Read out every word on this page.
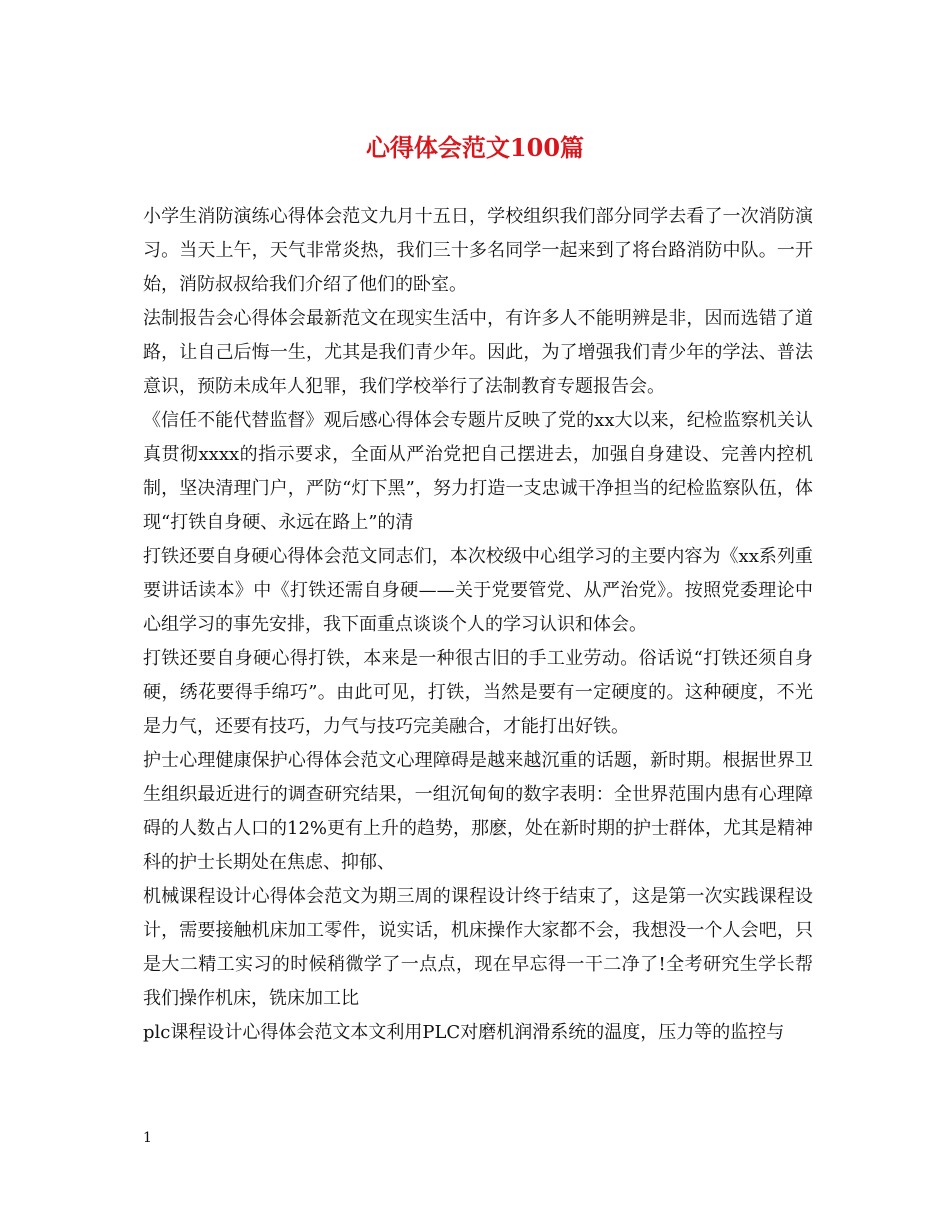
心得体会范文100篇

小学生消防演练心得体会范文九月十五日，学校组织我们部分同学去看了一次消防演习。当天上午，天气非常炎热，我们三十多名同学一起来到了将台路消防中队。一开始，消防叔叔给我们介绍了他们的卧室。

法制报告会心得体会最新范文在现实生活中，有许多人不能明辨是非，因而选错了道路，让自己后悔一生，尤其是我们青少年。因此，为了增强我们青少年的学法、普法意识，预防未成年人犯罪，我们学校举行了法制教育专题报告会。

《信任不能代替监督》观后感心得体会专题片反映了党的xx大以来，纪检监察机关认真贯彻xxxx的指示要求，全面从严治党把自己摆进去，加强自身建设、完善内控机制，坚决清理门户，严防“灯下黑”，努力打造一支忠诚干净担当的纪检监察队伍，体现“打铁自身硬、永远在路上”的清

打铁还要自身硬心得体会范文同志们，本次校级中心组学习的主要内容为《xx系列重要讲话读本》中《打铁还需自身硬——关于党要管党、从严治党》。按照党委理论中心组学习的事先安排，我下面重点谈谈个人的学习认识和体会。

打铁还要自身硬心得打铁，本来是一种很古旧的手工业劳动。俗话说“打铁还须自身硬，绣花要得手绵巧”。由此可见，打铁，当然是要有一定硬度的。这种硬度，不光是力气，还要有技巧，力气与技巧完美融合，才能打出好铁。

护士心理健康保护心得体会范文心理障碍是越来越沉重的话题，新时期。根据世界卫生组织最近进行的调查研究结果，一组沉甸甸的数字表明：全世界范围内患有心理障碍的人数占人口的12%更有上升的趋势，那麽，处在新时期的护士群体，尤其是精神科的护士长期处在焦虑、抑郁、

机械课程设计心得体会范文为期三周的课程设计终于结束了，这是第一次实践课程设计，需要接触机床加工零件，说实话，机床操作大家都不会，我想没一个人会吧，只是大二精工实习的时候稍微学了一点点，现在早忘得一干二净了!全考研究生学长帮我们操作机床，铣床加工比

plc课程设计心得体会范文本文利用PLC对磨机润滑系统的温度，压力等的监控与

1
